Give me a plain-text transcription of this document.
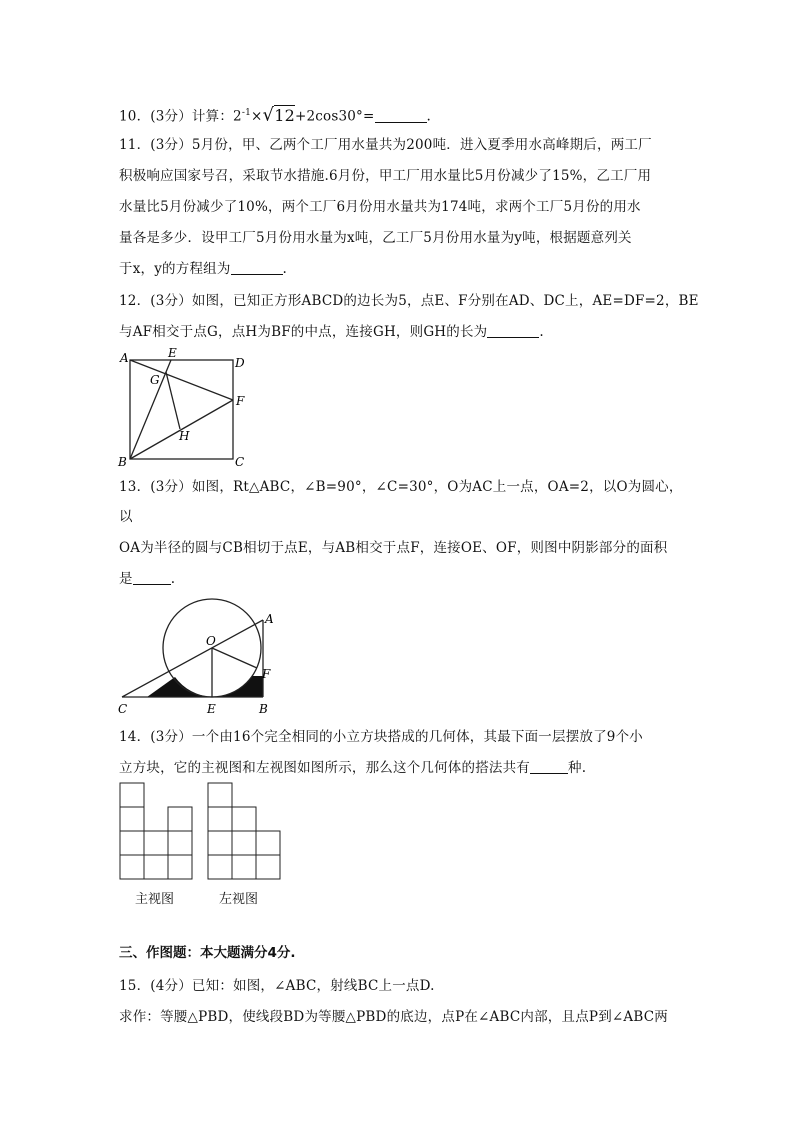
10．(3分）计算：$2^{-1}\times√12+2\cos 30^\circ=$	.
11．(3分）5月份，甲、乙两个工厂用水量共为200吨．进入夏季用水高峰期后，两工厂
积极响应国家号召，采取节水措施.6月份，甲工厂用水量比5月份减少了15%，乙工厂用
水量比5月份减少了10%，两个工厂6月份用水量共为174吨，求两个工厂5月份的用水
量各是多少．设甲工厂5月份用水量为x吨，乙工厂5月份用水量为y吨，根据题意列关
于x，y的方程组为	.
12．(3分）如图，已知正方形ABCD的边长为5，点E、F分别在AD、DC上，AE=DF=2，BE
与AF相交于点G，点H为BF的中点，连接GH，则GH的长为	.
A	E
D
G
F
H
B	C
13．(3分）如图，Rt△ABC，∠B=90°，∠C=30°，O为AC上一点，OA=2，以O为圆心，
以
OA为半径的圆与CB相切于点E，与AB相交于点F，连接OE、OF，则图中阴影部分的面积
是	.
A
O
F
C	E	B
14．(3分）一个由16个完全相同的小立方块搭成的几何体，其最下面一层摆放了9个小
立方块，它的主视图和左视图如图所示，那么这个几何体的搭法共有	种.
主视图	左视图
三、作图题：本大题满分4分.
15．(4分）已知：如图，∠ABC，射线BC上一点D.
求作：等腰△PBD，使线段BD为等腰△PBD的底边，点P在∠ABC内部，且点P到∠ABC两
